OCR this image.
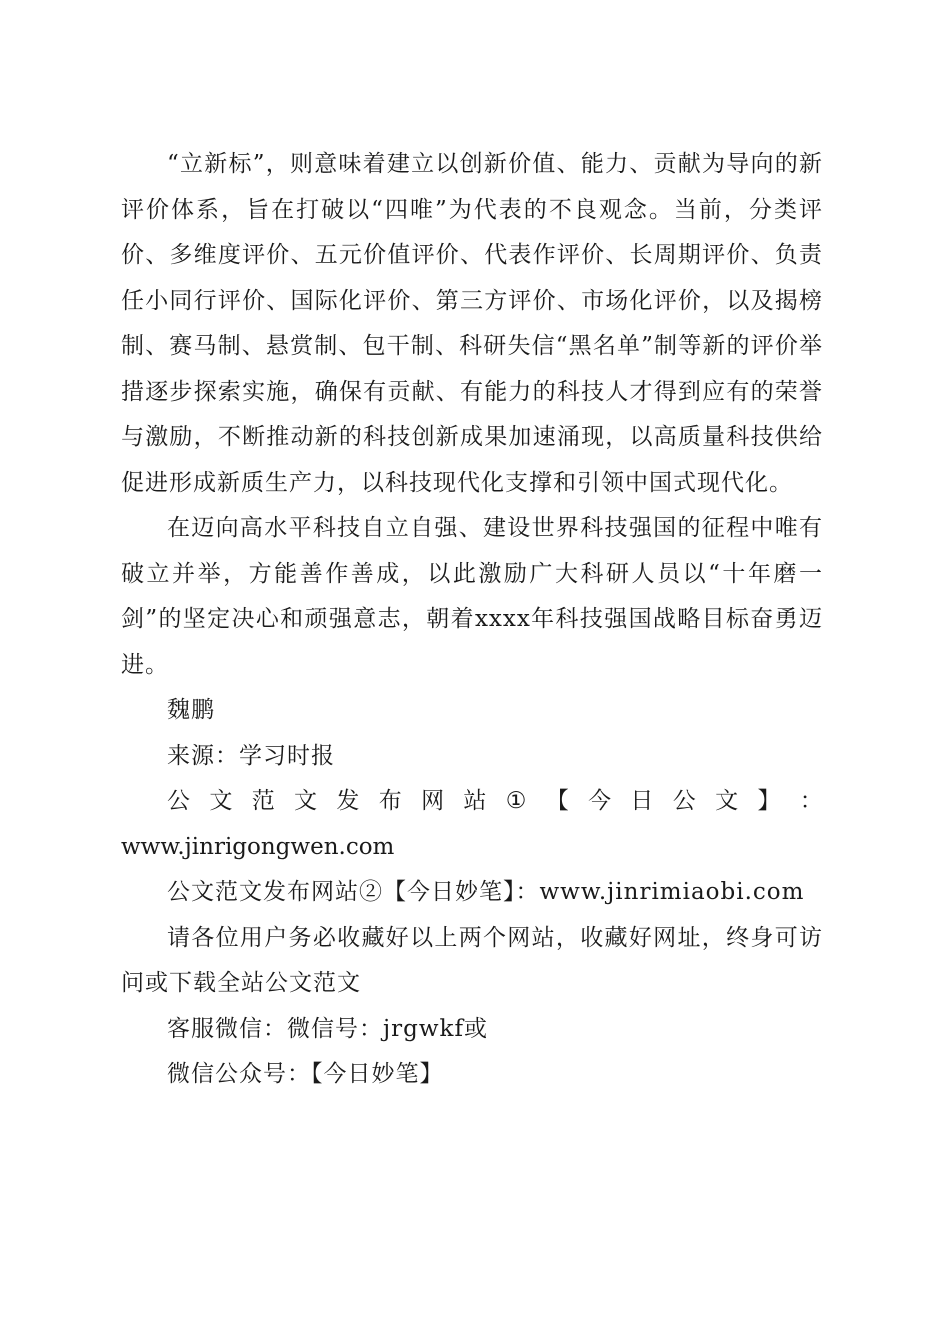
“立新标”，则意味着建立以创新价值、能力、贡献为导向的新评价体系，旨在打破以“四唯”为代表的不良观念。当前，分类评价、多维度评价、五元价值评价、代表作评价、长周期评价、负责任小同行评价、国际化评价、第三方评价、市场化评价，以及揭榜制、赛马制、悬赏制、包干制、科研失信“黑名单”制等新的评价举措逐步探索实施，确保有贡献、有能力的科技人才得到应有的荣誉与激励，不断推动新的科技创新成果加速涌现，以高质量科技供给促进形成新质生产力，以科技现代化支撑和引领中国式现代化。

在迈向高水平科技自立自强、建设世界科技强国的征程中唯有破立并举，方能善作善成，以此激励广大科研人员以“十年磨一剑”的坚定决心和顽强意志，朝着xxxx年科技强国战略目标奋勇迈进。

魏鹏

来源：学习时报

公 文 范 文 发 布 网 站 ① 【 今 日 公 文 】 ：

www.jinrigongwen.com

公文范文发布网站②【今日妙笔】：www.jinrimiaobi.com

请各位用户务必收藏好以上两个网站，收藏好网址，终身可访问或下载全站公文范文

客服微信：微信号：jrgwkf或

微信公众号：【今日妙笔】
